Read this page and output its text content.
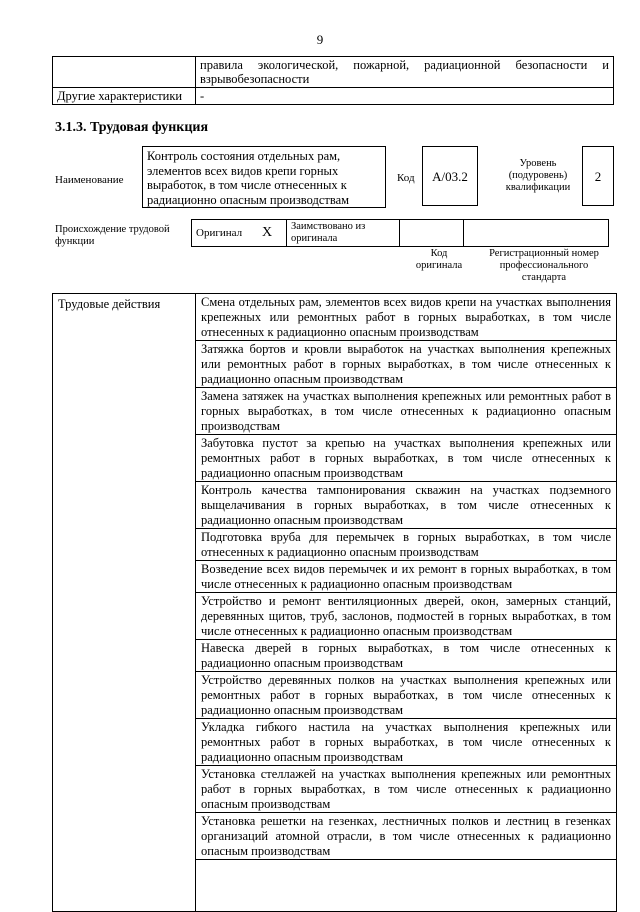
9
	правила экологической, пожарной, радиационной безопасности и взрывобезопасности
Другие характеристики	-
3.1.3. Трудовая функция
Наименование
Контроль состояния отдельных рам, элементов всех видов крепи горных выработок, в том числе отнесенных к радиационно опасным производствам
Код	A/03.2
Уровень (подуровень) квалификации
2
Происхождение трудовой функции
Оригинал	X	Заимствовано из оригинала		
Код оригинала
Регистрационный номер профессионального стандарта
Трудовые действия	Смена отдельных рам, элементов всех видов крепи на участках выполнения крепежных или ремонтных работ в горных выработках, в том числе отнесенных к радиационно опасным производствам
Затяжка бортов и кровли выработок на участках выполнения крепежных или ремонтных работ в горных выработках, в том числе отнесенных к радиационно опасным производствам
Замена затяжек на участках выполнения крепежных или ремонтных работ в горных выработках, в том числе отнесенных к радиационно опасным производствам
Забутовка пустот за крепью на участках выполнения крепежных или ремонтных работ в горных выработках, в том числе отнесенных к радиационно опасным производствам
Контроль качества тампонирования скважин на участках подземного выщелачивания в горных выработках, в том числе отнесенных к радиационно опасным производствам
Подготовка вруба для перемычек в горных выработках, в том числе отнесенных к радиационно опасным производствам
Возведение всех видов перемычек и их ремонт в горных выработках, в том числе отнесенных к радиационно опасным производствам
Устройство и ремонт вентиляционных дверей, окон, замерных станций, деревянных щитов, труб, заслонов, подмостей в горных выработках, в том числе отнесенных к радиационно опасным производствам
Навеска дверей в горных выработках, в том числе отнесенных к радиационно опасным производствам
Устройство деревянных полков на участках выполнения крепежных или ремонтных работ в горных выработках, в том числе отнесенных к радиационно опасным производствам
Укладка гибкого настила на участках выполнения крепежных или ремонтных работ в горных выработках, в том числе отнесенных к радиационно опасным производствам
Установка стеллажей на участках выполнения крепежных или ремонтных работ в горных выработках, в том числе отнесенных к радиационно опасным производствам
Установка решетки на гезенках, лестничных полков и лестниц в гезенках организаций атомной отрасли, в том числе отнесенных к радиационно опасным производствам
